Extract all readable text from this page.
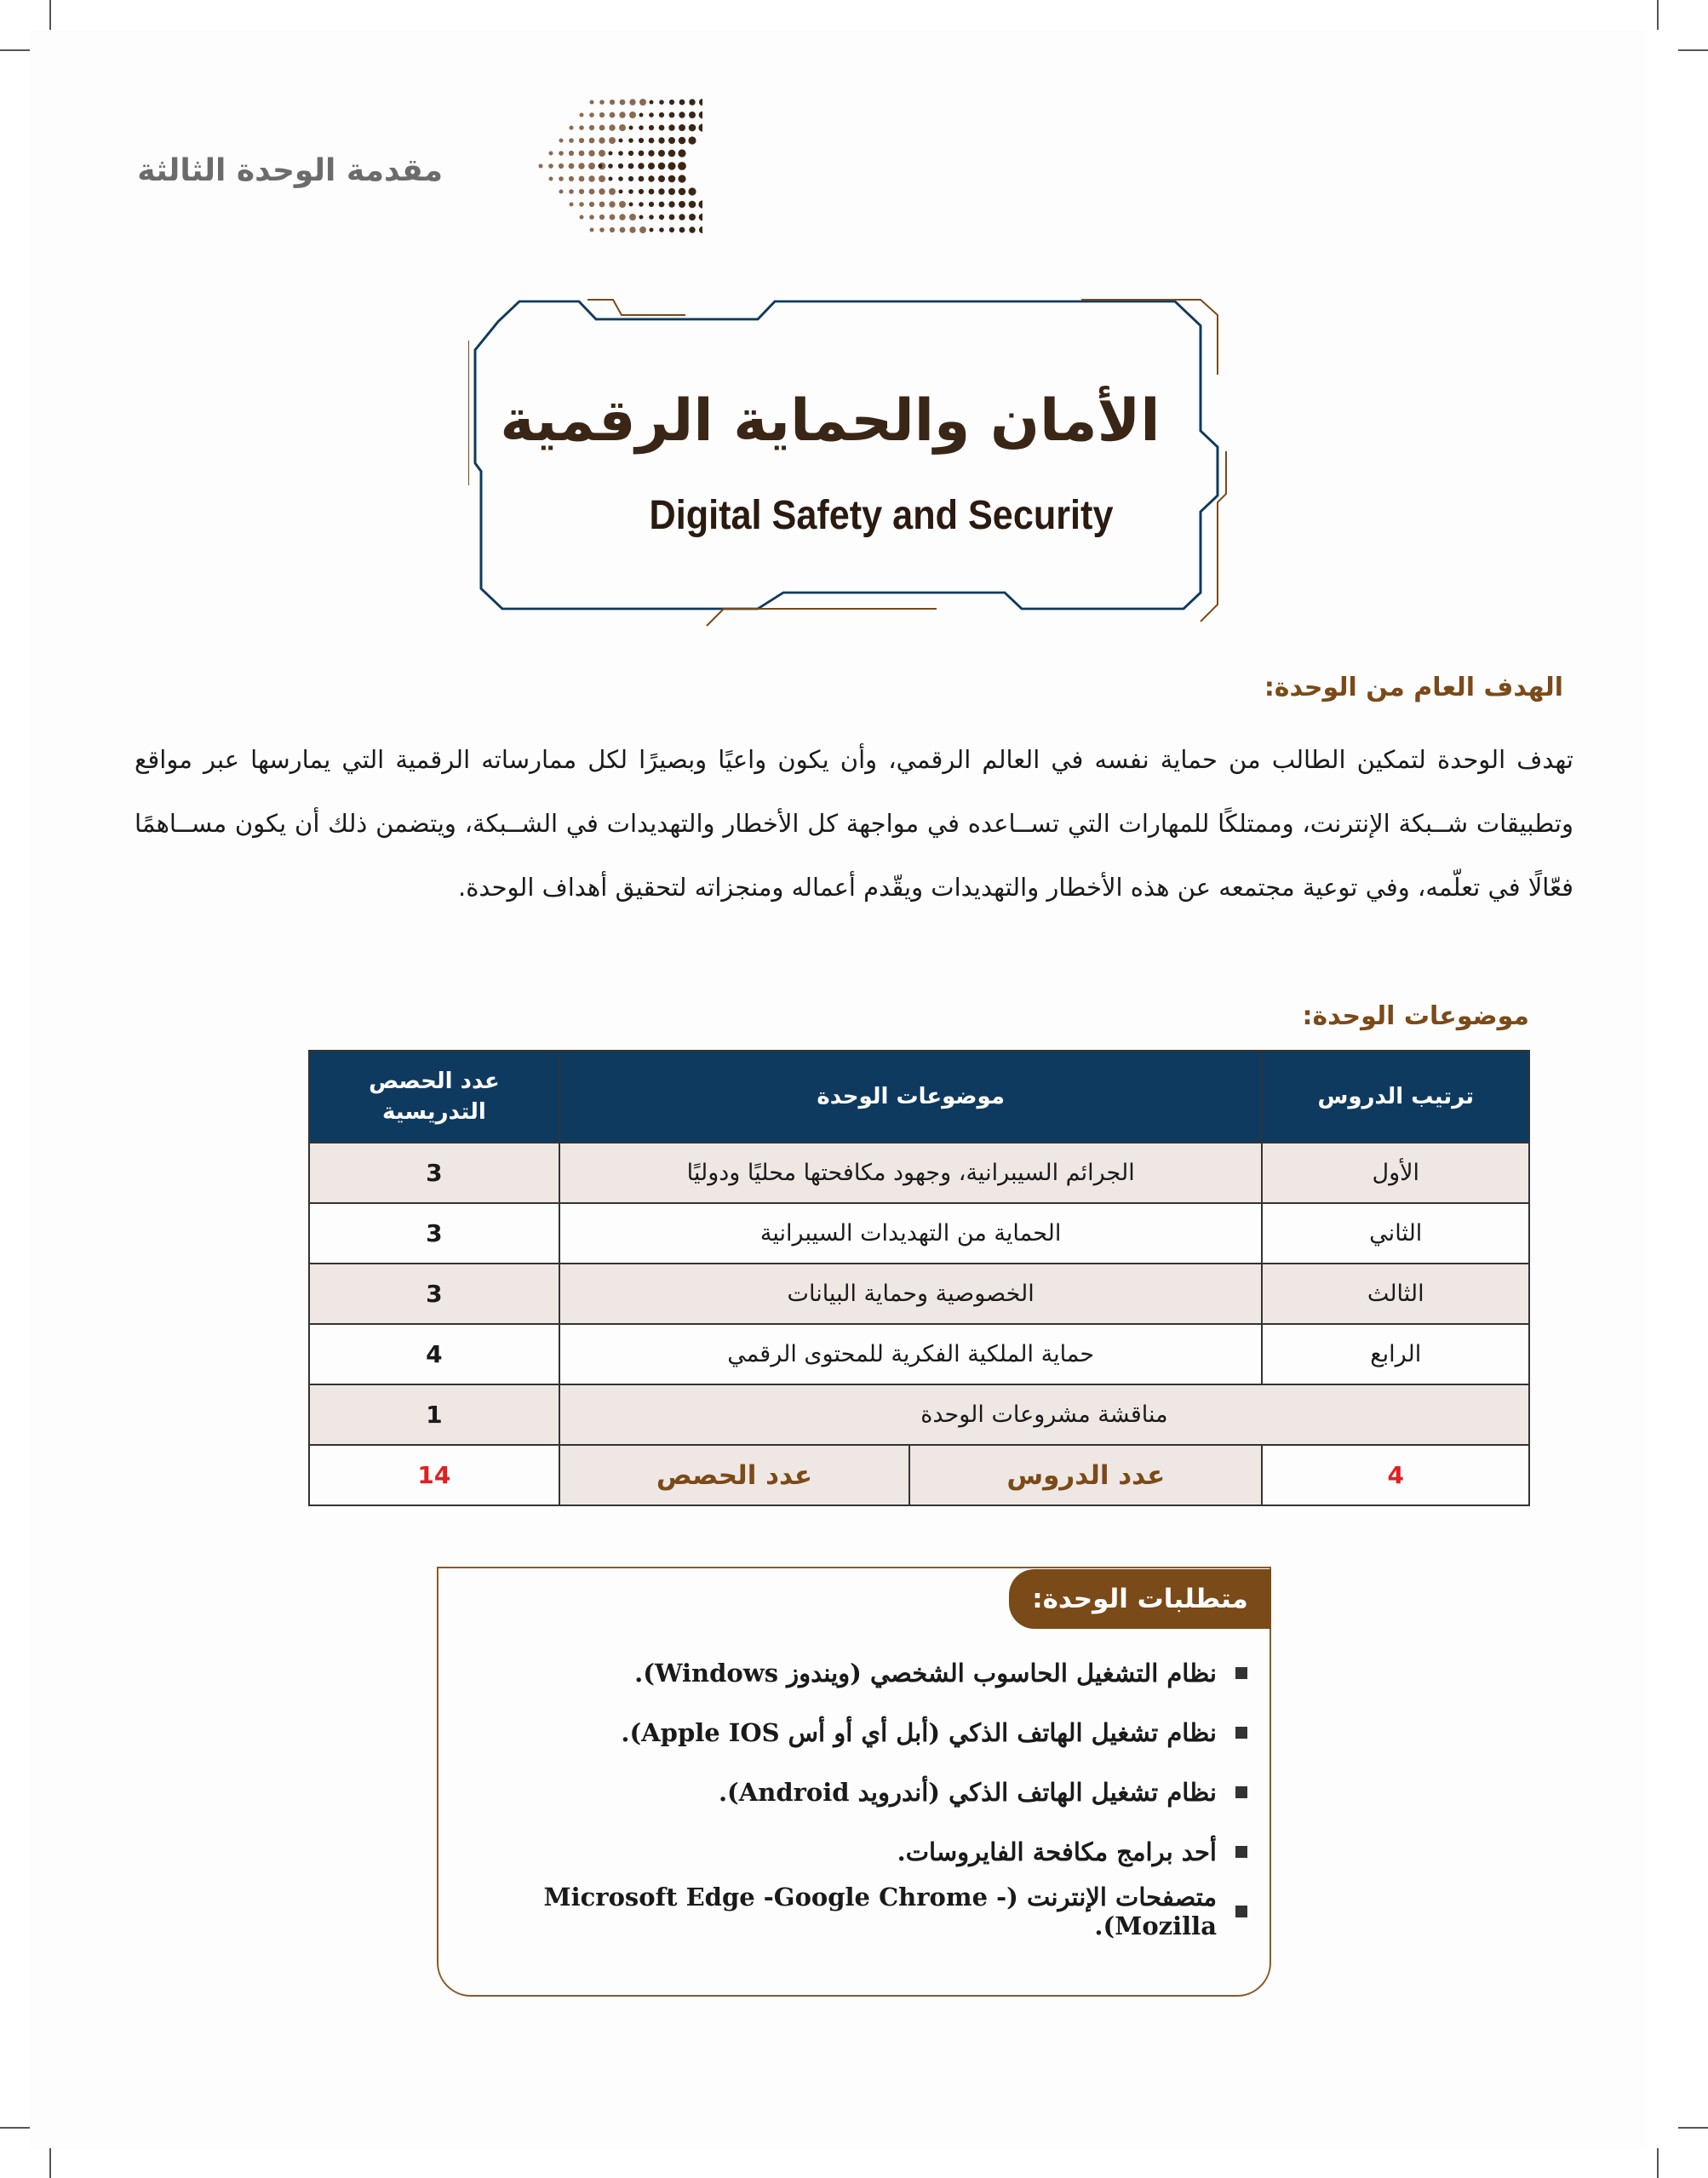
مقدمة الوحدة الثالثة
الأمان والحماية الرقمية
Digital Safety and Security
الهدف العام من الوحدة:

تهدف الوحدة لتمكين الطالب من حماية نفسه في العالم الرقمي، وأن يكون واعيًا وبصيرًا لكل ممارساته الرقمية التي يمارسها عبر مواقع وتطبيقات شــبكة الإنترنت، وممتلكًا للمهارات التي تســاعده في مواجهة كل الأخطار والتهديدات في الشــبكة، ويتضمن ذلك أن يكون مســاهمًا فعّالًا في تعلّمه، وفي توعية مجتمعه عن هذه الأخطار والتهديدات ويقّدم أعماله ومنجزاته لتحقيق أهداف الوحدة.

موضوعات الوحدة:
ترتيب الدروس	موضوعات الوحدة		عدد الحصص التدريسية
الأول	الجرائم السيبرانية، وجهود مكافحتها محليًا ودوليًا		3
الثاني	الحماية من التهديدات السيبرانية		3
الثالث	الخصوصية وحماية البيانات		3
الرابع	حماية الملكية الفكرية للمحتوى الرقمي		4
مناقشة مشروعات الوحدة			1
4	عدد الدروس	عدد الحصص	14
متطلبات الوحدة:
نظام التشغيل الحاسوب الشخصي (ويندوز Windows).
نظام تشغيل الهاتف الذكي (أبل أي أو أس Apple IOS).
نظام تشغيل الهاتف الذكي (أندرويد Android).
أحد برامج مكافحة الفايروسات.
متصفحات الإنترنت (Microsoft Edge -Google Chrome -Mozilla).
